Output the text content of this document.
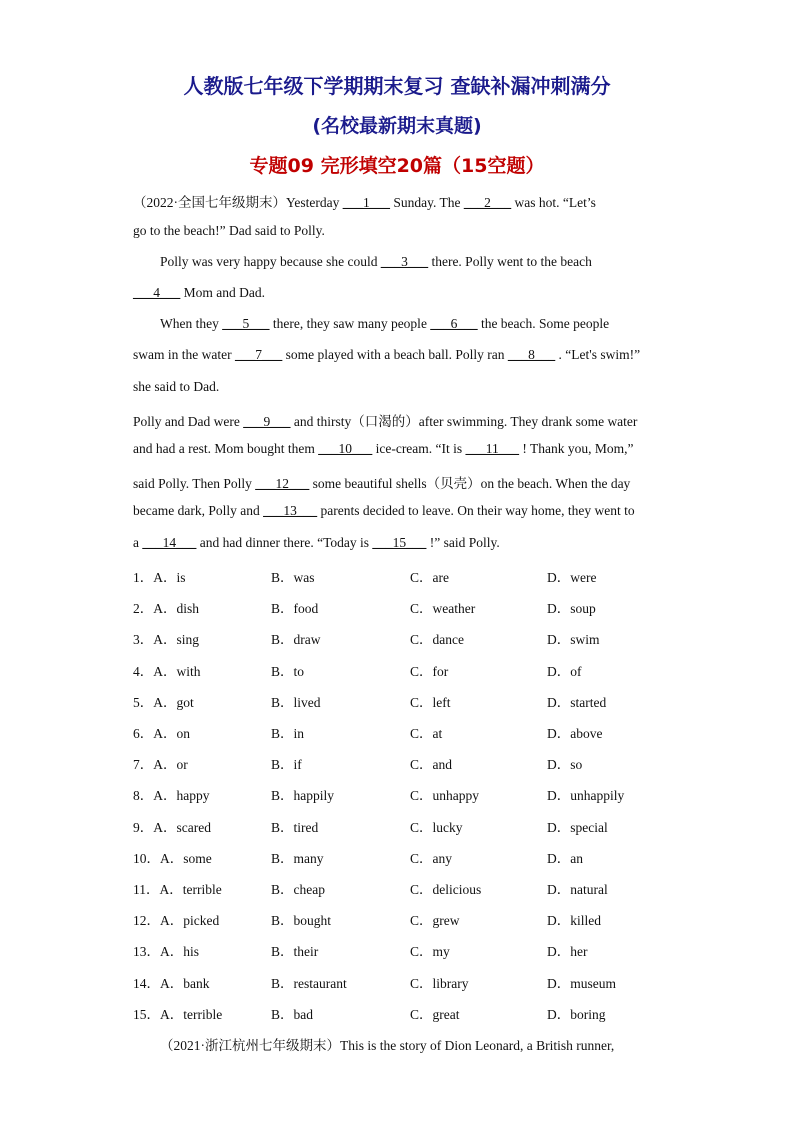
人教版七年级下学期期末复习 查缺补漏冲刺满分
(名校最新期末真题)
专题09 完形填空20篇（15空题）
（2022·全国七年级期末）Yesterday ___1___ Sunday. The ___2___ was hot. “Let’s
go to the beach!” Dad said to Polly.
Polly was very happy because she could ___3___ there. Polly went to the beach
___4___ Mom and Dad.
When they ___5___ there, they saw many people ___6___ the beach. Some people
swam in the water ___7___ some played with a beach ball. Polly ran ___8___ . “Let's swim!”
she said to Dad.
Polly and Dad were ___9___ and thirsty（口渴的）after swimming. They drank some water
and had a rest. Mom bought them ___10___ ice-cream. “It is ___11___ ! Thank you, Mom,”
said Polly. Then Polly ___12___ some beautiful shells（贝壳）on the beach. When the day
became dark, Polly and ___13___ parents decided to leave. On their way home, they went to
a ___14___ and had dinner there. “Today is ___15___ !” said Polly.
1．A．is	B．was	C．are	D．were
2．A．dish	B．food	C．weather	D．soup
3．A．sing	B．draw	C．dance	D．swim
4．A．with	B．to	C．for	D．of
5．A．got	B．lived	C．left	D．started
6．A．on	B．in	C．at	D．above
7．A．or	B．if	C．and	D．so
8．A．happy	B．happily	C．unhappy	D．unhappily
9．A．scared	B．tired	C．lucky	D．special
10．A．some	B．many	C．any	D．an
11．A．terrible	B．cheap	C．delicious	D．natural
12．A．picked	B．bought	C．grew	D．killed
13．A．his	B．their	C．my	D．her
14．A．bank	B．restaurant	C．library	D．museum
15．A．terrible	B．bad	C．great	D．boring
（2021·浙江杭州七年级期末）This is the story of Dion Leonard, a British runner,
